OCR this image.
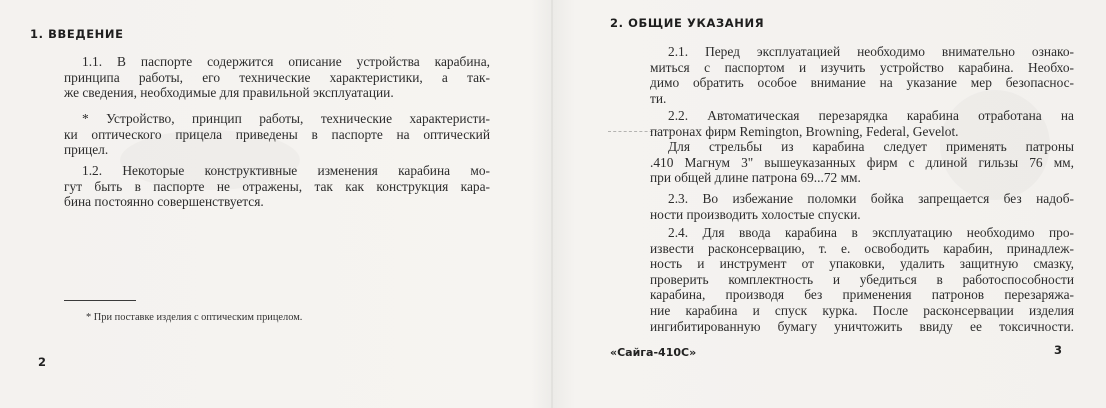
1. ВВЕДЕНИЕ
1.1. В паспорте содержится описание устройства карабина,
принципа работы, его технические характеристики, а так-
же сведения, необходимые для правильной эксплуатации.
* Устройство, принцип работы, технические характеристи-
ки оптического прицела приведены в паспорте на оптический
прицел.
1.2. Некоторые конструктивные изменения карабина мо-
гут быть в паспорте не отражены, так как конструкция кара-
бина постоянно совершенствуется.
* При поставке изделия с оптическим прицелом.
2
2. ОБЩИЕ УКАЗАНИЯ
2.1. Перед эксплуатацией необходимо внимательно ознако-
миться с паспортом и изучить устройство карабина. Необхо-
димо обратить особое внимание на указание мер безопаснос-
ти.
2.2. Автоматическая перезарядка карабина отработана на
патронах фирм Remington, Browning, Federal, Gevelot.
Для стрельбы из карабина следует применять патроны
.410 Магнум 3" вышеуказанных фирм с длиной гильзы 76 мм,
при общей длине патрона 69...72 мм.
2.3. Во избежание поломки бойка запрещается без надоб-
ности производить холостые спуски.
2.4. Для ввода карабина в эксплуатацию необходимо про-
извести расконсервацию, т. е. освободить карабин, принадлеж-
ность и инструмент от упаковки, удалить защитную смазку,
проверить комплектность и убедиться в работоспособности
карабина, производя без применения патронов перезаряжа-
ние карабина и спуск курка. После расконсервации изделия
ингибитированную бумагу уничтожить ввиду ее токсичности.
«Сайга-410С»	3
